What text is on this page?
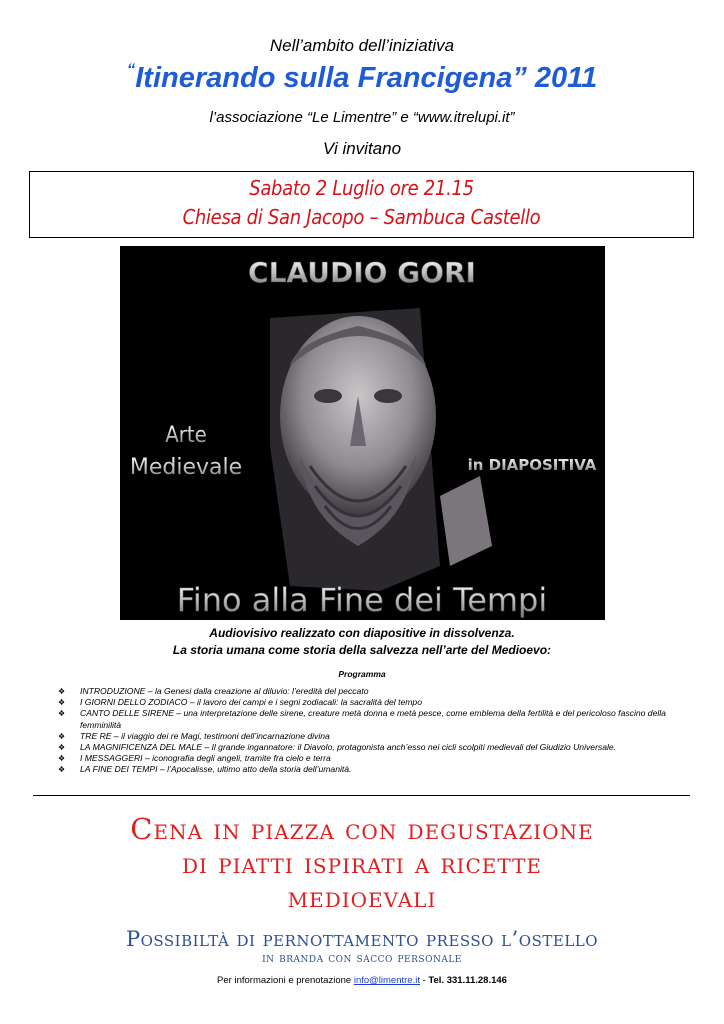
Nell’ambito dell’iniziativa
“Itinerando sulla Francigena” 2011
l’associazione “Le Limentre” e “www.itrelupi.it”
Vi invitano
Sabato 2 Luglio ore 21.15
Chiesa di San Jacopo – Sambuca Castello
CLAUDIO GORI
Arte
Medievale	in DIAPOSITIVA
Fino alla Fine dei Tempi
Audiovisivo realizzato con diapositive in dissolvenza.
La storia umana come storia della salvezza nell’arte del Medioevo:
Programma
❖ INTRODUZIONE – la Genesi dalla creazione al diluvio: l’eredità del peccato
❖ I GIORNI DELLO ZODIACO – il lavoro dei campi e i segni zodiacali: la sacralità del tempo
❖ CANTO DELLE SIRENE – una interpretazione delle sirene, creature metà donna e metà pesce, come emblema della fertilità e del pericoloso fascino della femminilità
❖ TRE RE – il viaggio dei re Magi, testimoni dell’incarnazione divina
❖ LA MAGNIFICENZA DEL MALE – Il grande ingannatore: il Diavolo, protagonista anch’esso nei cicli scolpiti medievali del Giudizio Universale.
❖ I MESSAGGERI – iconografia degli angeli, tramite fra cielo e terra
❖ LA FINE DEI TEMPI – l’Apocalisse, ultimo atto della storia dell’umanità.
Cena in piazza con degustazione
di piatti ispirati a ricette
medioevali
Possibiltà di pernottamento presso l’ostello
in branda con sacco personale
Per informazioni e prenotazione info@limentre.it - Tel. 331.11.28.146
